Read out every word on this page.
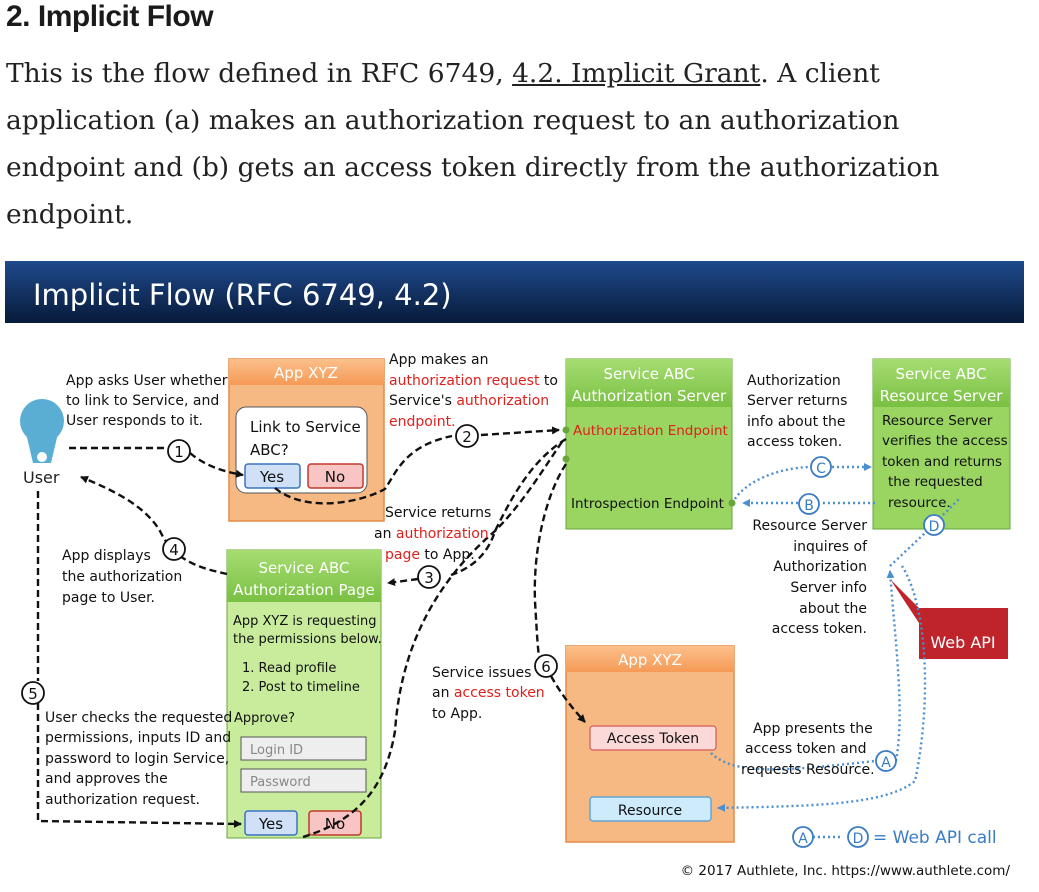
2. Implicit Flow
This is the flow defined in RFC 6749, 4.2. Implicit Grant. A client application (a) makes an authorization request to an authorization endpoint and (b) gets an access token directly from the authorization endpoint.
Implicit Flow (RFC 6749, 4.2)
User
App XYZ
Link to Service
ABC?
Yes	No
Service ABC
Authorization Server
Authorization Endpoint
Introspection Endpoint
Service ABC
Resource Server
Resource Server
verifies the access
token and returns
the requested
resource.
Web API
Service ABC
Authorization Page
App XYZ is requesting
the permissions below.
1. Read profile
2. Post to timeline
Approve?
Login ID
Password
Yes	No
App XYZ
Access Token
Resource
1
2
3
4
5
6
A
B
C
D
A	D
App asks User whether
to link to Service, and
User responds to it.
App makes an
authorization request to
Service's authorization
endpoint.
Service returns
an authorization
page to App.
App displays
the authorization
page to User.
User checks the requested
permissions, inputs ID and
password to login Service,
and approves the
authorization request.
Service issues
an access token
to App.
Authorization
Server returns
info about the
access token.
Resource Server
inquires of
Authorization
Server info
about the
access token.
App presents the
access token and
requests Resource.
= Web API call
© 2017 Authlete, Inc. https://www.authlete.com/
